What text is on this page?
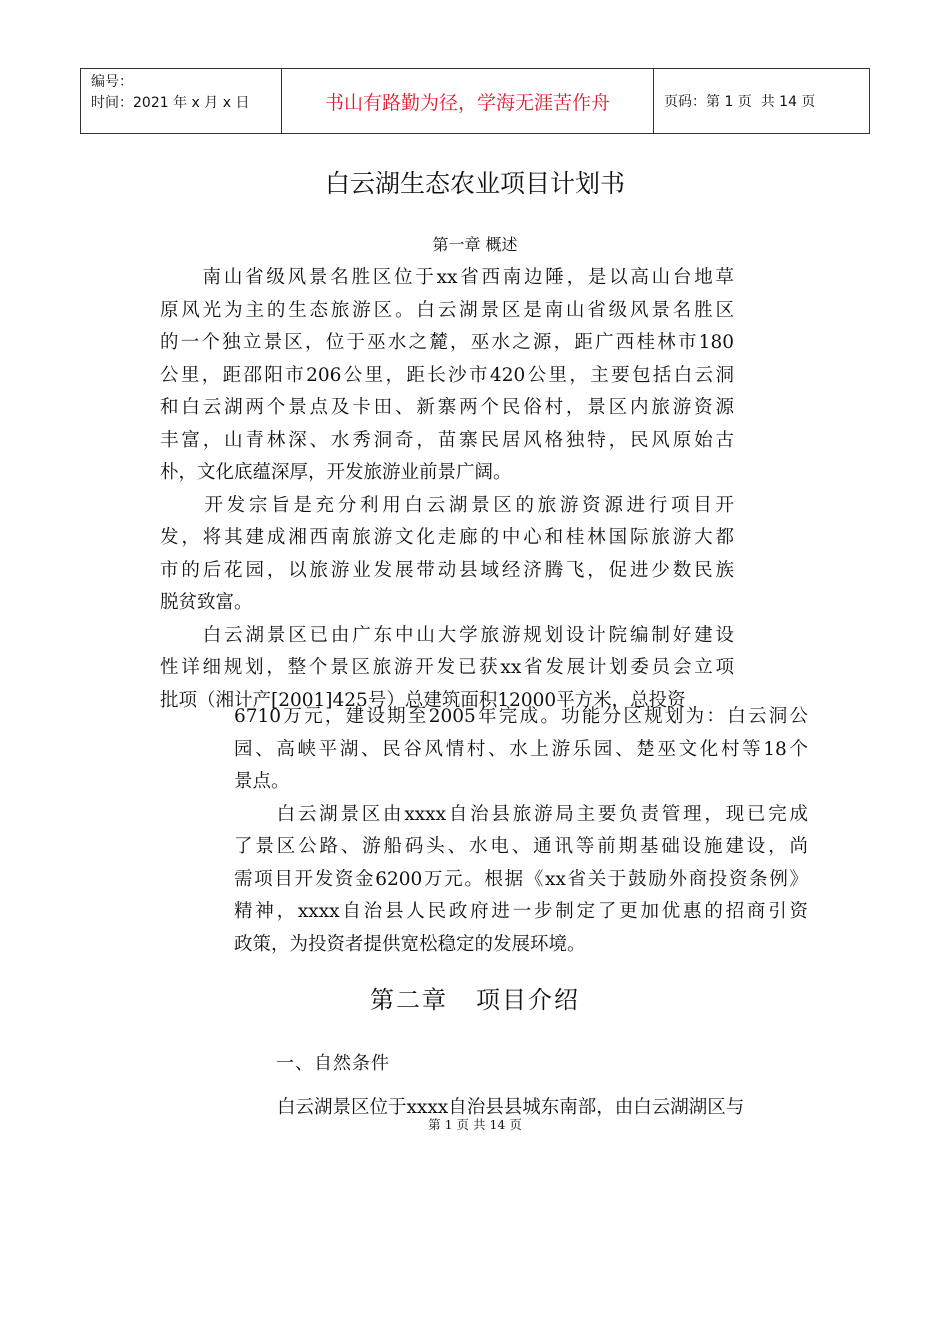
编号：
时间：2021 年 x 月 x 日	书山有路勤为径，学海无涯苦作舟	页码：第 1 页  共 14 页
白云湖生态农业项目计划书
第一章 概述
　　南山省级风景名胜区位于xx省西南边陲，是以高山台地草
原风光为主的生态旅游区。白云湖景区是南山省级风景名胜区
的一个独立景区，位于巫水之麓，巫水之源，距广西桂林市180
公里，距邵阳市206公里，距长沙市420公里，主要包括白云洞
和白云湖两个景点及卡田、新寨两个民俗村，景区内旅游资源
丰富，山青林深、水秀洞奇，苗寨民居风格独特，民风原始古
朴，文化底蕴深厚，开发旅游业前景广阔。
　　开发宗旨是充分利用白云湖景区的旅游资源进行项目开
发，将其建成湘西南旅游文化走廊的中心和桂林国际旅游大都
市的后花园，以旅游业发展带动县域经济腾飞，促进少数民族
脱贫致富。
　　白云湖景区已由广东中山大学旅游规划设计院编制好建设
性详细规划，整个景区旅游开发已获xx省发展计划委员会立项
批项（湘计产[2001]425号）总建筑面积12000平方米，总投资
6710万元，建设期至2005年完成。功能分区规划为：白云洞公
园、高峡平湖、民谷风情村、水上游乐园、楚巫文化村等18个
景点。
　　白云湖景区由xxxx自治县旅游局主要负责管理，现已完成
了景区公路、游船码头、水电、通讯等前期基础设施建设，尚
需项目开发资金6200万元。根据《xx省关于鼓励外商投资条例》
精神，xxxx自治县人民政府进一步制定了更加优惠的招商引资
政策，为投资者提供宽松稳定的发展环境。
第二章 项目介绍
一、自然条件
白云湖景区位于xxxx自治县县城东南部，由白云湖湖区与
第 1 页 共 14 页
